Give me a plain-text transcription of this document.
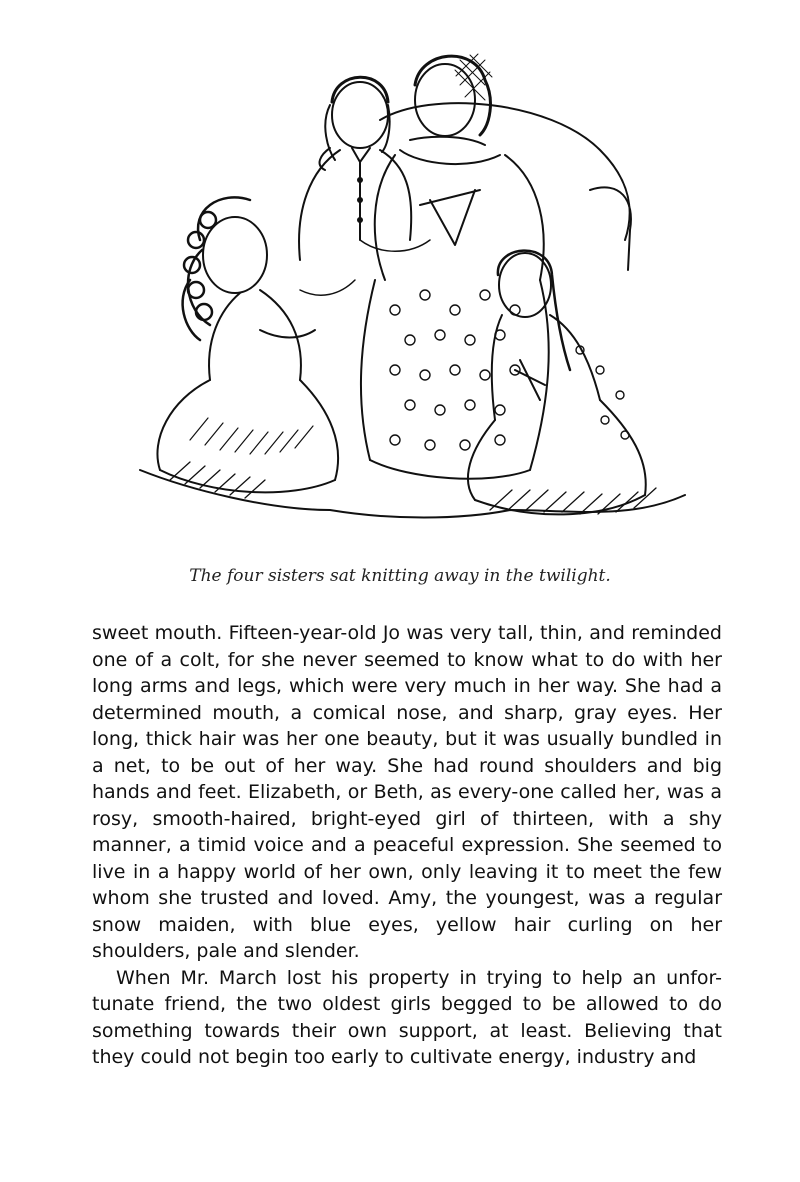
The four sisters sat knitting away in the twilight.

sweet mouth. Fifteen-year-old Jo was very tall, thin, and reminded one of a colt, for she never seemed to know what to do with her long arms and legs, which were very much in her way. She had a determined mouth, a comical nose, and sharp, gray eyes. Her long, thick hair was her one beauty, but it was usually bundled in a net, to be out of her way. She had round shoulders and big hands and feet. Elizabeth, or Beth, as every-one called her, was a rosy, smooth-haired, bright-eyed girl of thirteen, with a shy manner, a timid voice and a peaceful expression. She seemed to live in a happy world of her own, only leaving it to meet the few whom she trusted and loved. Amy, the youngest, was a regular snow maiden, with blue eyes, yellow hair curling on her shoulders, pale and slender.

When Mr. March lost his property in trying to help an unfor-tunate friend, the two oldest girls begged to be allowed to do something towards their own support, at least. Believing that they could not begin too early to cultivate energy, industry and
